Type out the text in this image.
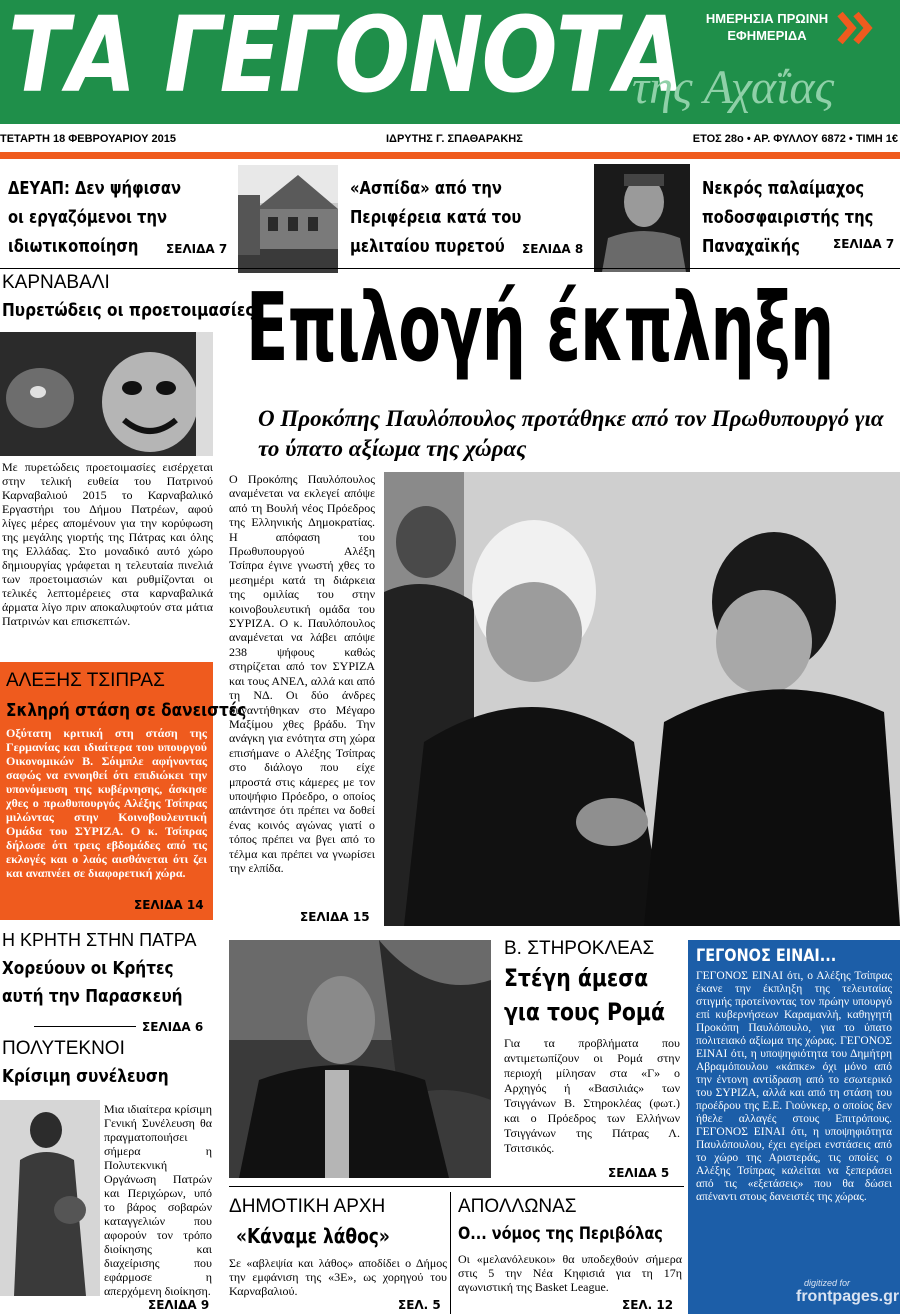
ΤΑ ΓΕΓΟΝΟΤΑ
της Αχαΐας
ΗΜΕΡΗΣΙΑ ΠΡΩΙΝΗ
ΕΦΗΜΕΡΙΔΑ
ΤΕΤΑΡΤΗ 18 ΦΕΒΡΟΥΑΡΙΟΥ 2015	ΙΔΡΥΤΗΣ Γ. ΣΠΑΘΑΡΑΚΗΣ	ΕΤΟΣ 28ο • ΑΡ. ΦΥΛΛΟΥ 6872 • ΤΙΜΗ 1€
ΔΕΥΑΠ: Δεν ψήφισαν
οι εργαζόμενοι την
ιδιωτικοποίηση ΣΕΛΙΔΑ 7
«Ασπίδα» από την
Περιφέρεια κατά του
μελιταίου πυρετού ΣΕΛΙΔΑ 8
Νεκρός παλαίμαχος
ποδοσφαιριστής της
Παναχαϊκής	ΣΕΛΙΔΑ 7
ΚΑΡΝΑΒΑΛΙ
Πυρετώδεις οι προετοιμασίες
Με πυρετώδεις προετοιμασίες εισέρχεται στην τελική ευθεία του Πατρινού Καρναβαλιού 2015 το Καρναβαλικό Εργαστήρι του Δήμου Πατρέων, αφού λίγες μέρες απομένουν για την κορύφωση της μεγάλης γιορτής της Πάτρας και όλης της Ελλάδας. Στο μοναδικό αυτό χώρο δημιουργίας γράφεται η τελευταία πινελιά των προετοιμασιών και ρυθμίζονται οι τελικές λεπτομέρειες στα καρναβαλικά άρματα λίγο πριν αποκαλυφτούν στα μάτια Πατρινών και επισκεπτών.
ΑΛΕΞΗΣ ΤΣΙΠΡΑΣ
Σκληρή στάση σε δανειστές
Οξύτατη κριτική στη στάση της Γερμανίας και ιδιαίτερα του υπουργού Οικονομικών Β. Σόιμπλε αφήνοντας σαφώς να εννοηθεί ότι επιδιώκει την υπονόμευση της κυβέρνησης, άσκησε χθες ο πρωθυπουργός Αλέξης Τσίπρας μιλώντας στην Κοινοβουλευτική Ομάδα του ΣΥΡΙΖΑ. Ο κ. Τσίπρας δήλωσε ότι τρεις εβδομάδες από τις εκλογές και ο λαός αισθάνεται ότι ζει και αναπνέει σε διαφορετική χώρα.
ΣΕΛΙΔΑ 14
Η ΚΡΗΤΗ ΣΤΗΝ ΠΑΤΡΑ
Χορεύουν οι Κρήτες
αυτή την Παρασκευή
ΣΕΛΙΔΑ 6
ΠΟΛΥΤΕΚΝΟΙ
Κρίσιμη συνέλευση
Μια ιδιαίτερα κρίσιμη Γενική Συνέλευση θα πραγματοποιήσει σήμερα η Πολυτεκνική Οργάνωση Πατρών και Περιχώρων, υπό το βάρος σοβαρών καταγγελιών που αφορούν τον τρόπο διοίκησης και διαχείρισης που εφάρμοσε η απερχόμενη διοίκηση.
ΣΕΛΙΔΑ 9
Επιλογή έκπληξη
Ο Προκόπης Παυλόπουλος προτάθηκε από τον Πρωθυπουργό για το ύπατο αξίωμα της χώρας
Ο Προκόπης Παυλόπουλος αναμένεται να εκλεγεί απόψε από τη Βουλή νέος Πρόεδρος της Ελληνικής Δημοκρατίας. Η απόφαση του Πρωθυπουργού Αλέξη Τσίπρα έγινε γνωστή χθες το μεσημέρι κατά τη διάρκεια της ομιλίας του στην κοινοβουλευτική ομάδα του ΣΥΡΙΖΑ. Ο κ. Παυλόπουλος αναμένεται να λάβει απόψε 238 ψήφους καθώς στηρίζεται από τον ΣΥΡΙΖΑ και τους ΑΝΕΛ, αλλά και από τη ΝΔ. Οι δύο άνδρες συναντήθηκαν στο Μέγαρο Μαξίμου χθες βράδυ. Την ανάγκη για ενότητα στη χώρα επισήμανε ο Αλέξης Τσίπρας στο διάλογο που είχε μπροστά στις κάμερες με τον υποψήφιο Πρόεδρο, ο οποίος απάντησε ότι πρέπει να δοθεί ένας κοινός αγώνας γιατί ο τόπος πρέπει να βγει από το τέλμα και πρέπει να γνωρίσει την ελπίδα.
ΣΕΛΙΔΑ 15
Β. ΣΤΗΡΟΚΛΕΑΣ
Στέγη άμεσα
για τους Ρομά
Για τα προβλήματα που αντιμετωπίζουν οι Ρομά στην περιοχή μίλησαν στα «Γ» ο Αρχηγός ή «Βασιλιάς» των Τσιγγάνων Β. Στηροκλέας (φωτ.) και ο Πρόεδρος των Ελλήνων Τσιγγάνων της Πάτρας Λ. Τσιτσικός.
ΣΕΛΙΔΑ 5
ΔΗΜΟΤΙΚΗ ΑΡΧΗ
«Κάναμε λάθος»
Σε «αβλεψία και λάθος» αποδίδει ο Δήμος την εμφάνιση της «3Ε», ως χορηγού του Καρναβαλιού.
ΣΕΛ. 5
ΑΠΟΛΛΩΝΑΣ
Ο... νόμος της Περιβόλας
Οι «μελανόλευκοι» θα υποδεχθούν σήμερα στις 5 την Νέα Κηφισιά για τη 17η αγωνιστική της Basket League.
ΣΕΛ. 12
ΓΕΓΟΝΟΣ ΕΙΝΑΙ...
ΓΕΓΟΝΟΣ ΕΙΝΑΙ ότι, ο Αλέξης Τσίπρας έκανε την έκπληξη της τελευταίας στιγμής προτείνοντας τον πρώην υπουργό επί κυβερνήσεων Καραμανλή, καθηγητή Προκόπη Παυλόπουλο, για το ύπατο πολιτειακό αξίωμα της χώρας. ΓΕΓΟΝΟΣ ΕΙΝΑΙ ότι, η υποψηφιότητα του Δημήτρη Αβραμόπουλου «κάπκε» όχι μόνο από την έντονη αντίδραση από το εσωτερικό του ΣΥΡΙΖΑ, αλλά και από τη στάση του προέδρου της Ε.Ε. Γιούνκερ, ο οποίος δεν ήθελε αλλαγές στους Επιτρόπους. ΓΕΓΟΝΟΣ ΕΙΝΑΙ ότι, η υποψηφιότητα Παυλόπουλου, έχει εγείρει ενστάσεις από το χώρο της Αριστεράς, τις οποίες ο Αλέξης Τσίπρας καλείται να ξεπεράσει από τις «εξετάσεις» που θα δώσει απέναντι στους δανειστές της χώρας.
digitized for
frontpages.gr
